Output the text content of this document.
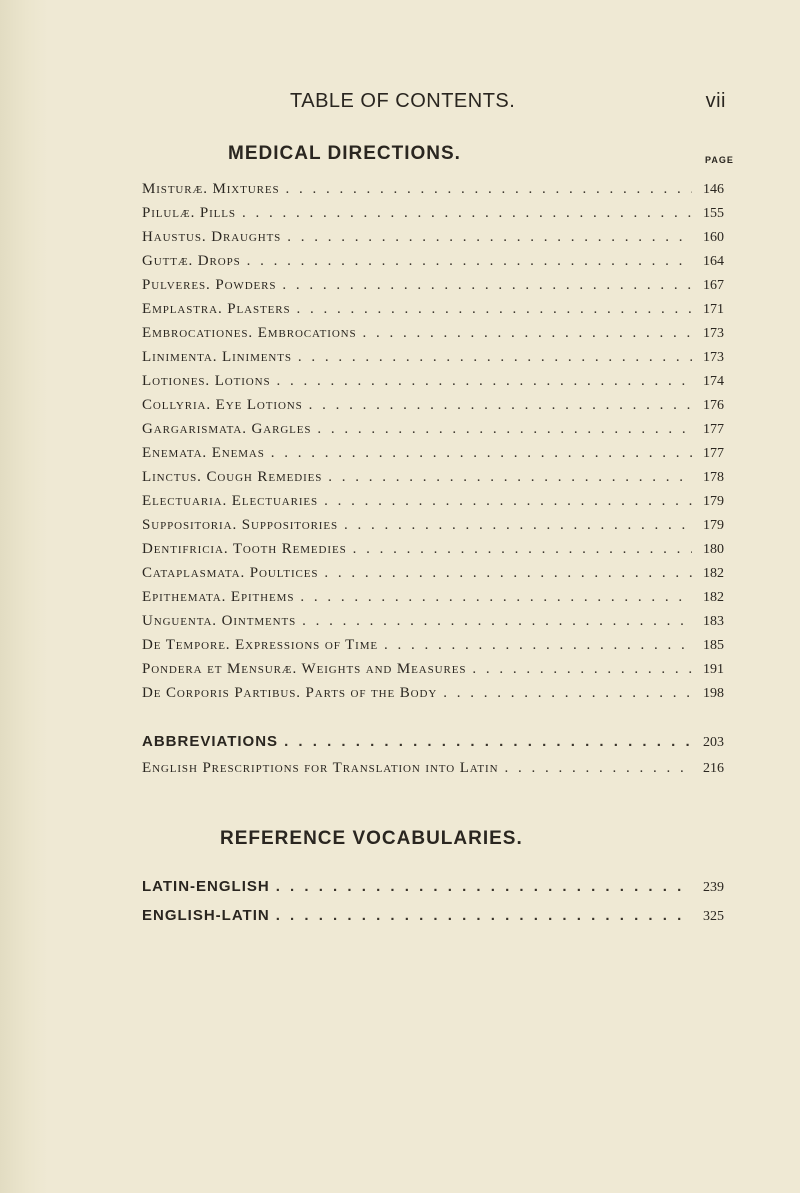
TABLE OF CONTENTS.	vii
MEDICAL DIRECTIONS.	PAGE
Misturæ. Mixtures . . .	146
Pilulæ. Pills . . .	155
Haustus. Draughts . . .	160
Guttæ. Drops . . .	164
Pulveres. Powders . . .	167
Emplastra. Plasters . . .	171
Embrocationes. Embrocations . . .	173
Linimenta. Liniments . . .	173
Lotiones. Lotions . . .	174
Collyria. Eye Lotions . . .	176
Gargarismata. Gargles . . .	177
Enemata. Enemas . . .	177
Linctus. Cough Remedies . . .	178
Electuaria. Electuaries . . .	179
Suppositoria. Suppositories . . .	179
Dentifricia. Tooth Remedies . . .	180
Cataplasmata. Poultices . . .	182
Epithemata. Epithems . . .	182
Unguenta. Ointments . . .	183
De Tempore. Expressions of Time . . .	185
Pondera et Mensuræ. Weights and Measures . . .	191
De Corporis Partibus. Parts of the Body . . .	198
ABBREVIATIONS . . .	203
English Prescriptions for Translation into Latin . . .	216
REFERENCE VOCABULARIES.
LATIN-ENGLISH . . .	239
ENGLISH-LATIN . . .	325
